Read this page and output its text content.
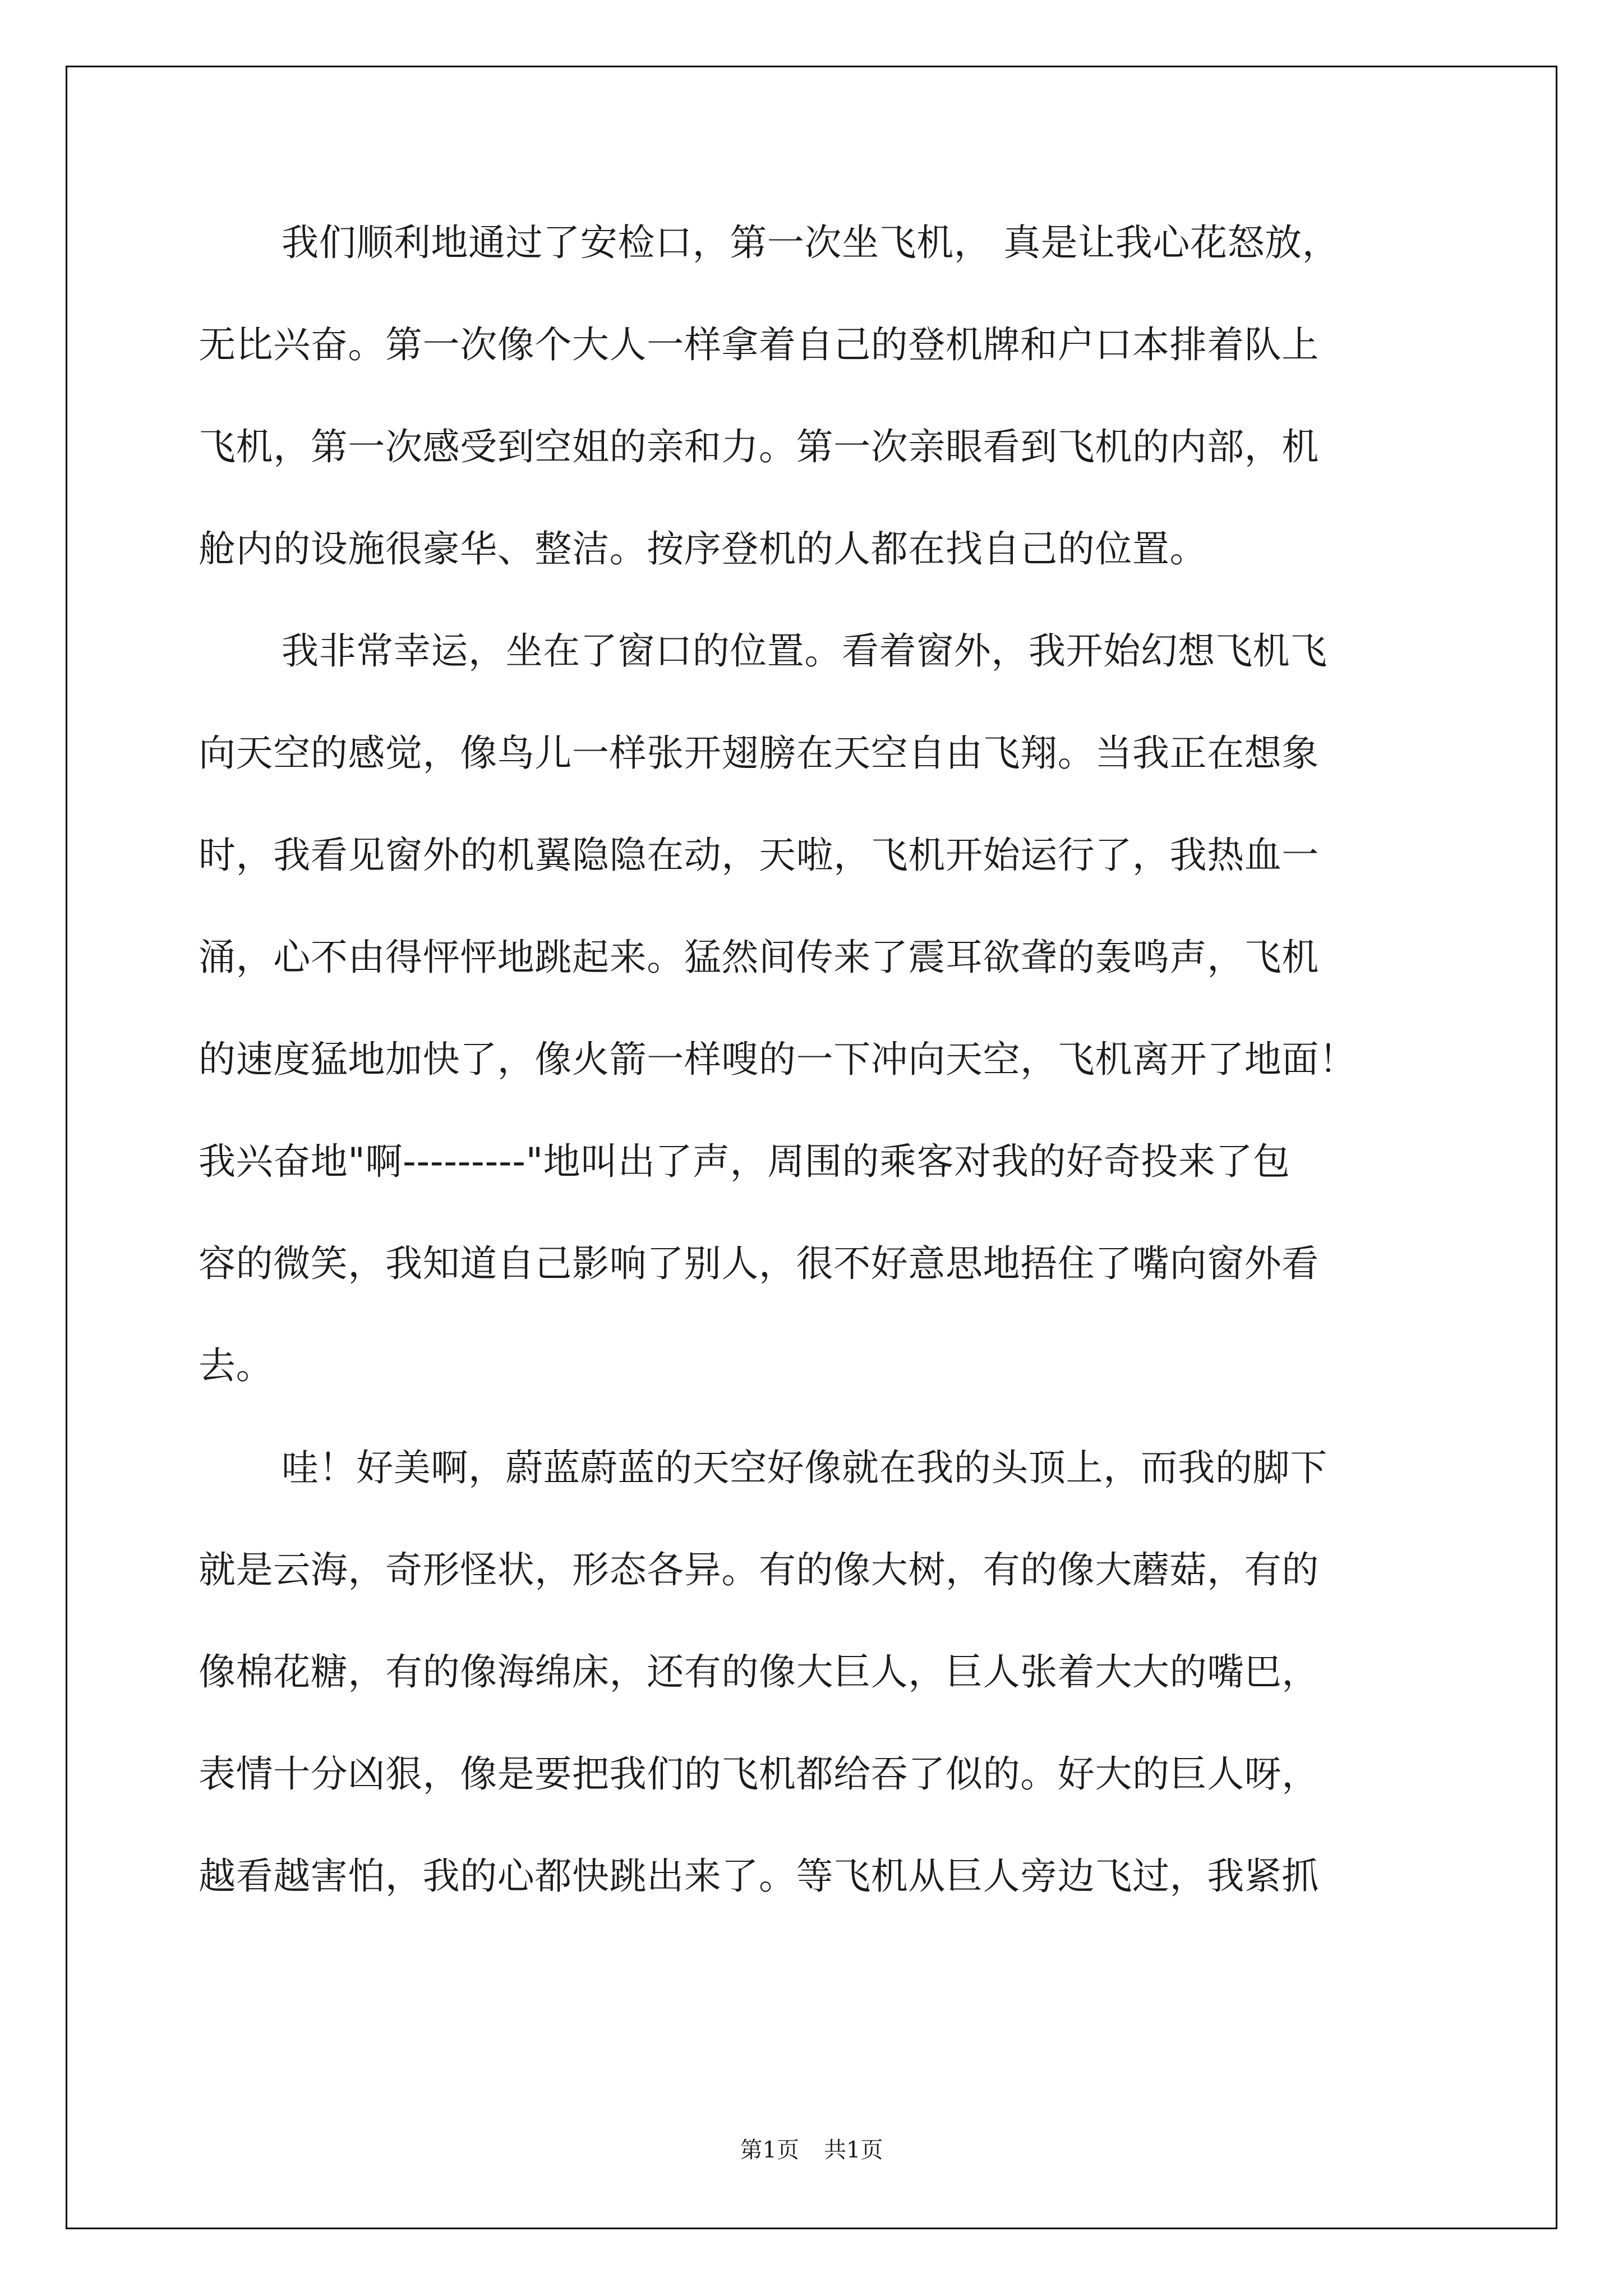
我们顺利地通过了安检口，第一次坐飞机， 真是让我心花怒放，
无比兴奋。第一次像个大人一样拿着自己的登机牌和户口本排着队上
飞机，第一次感受到空姐的亲和力。第一次亲眼看到飞机的内部，机
舱内的设施很豪华、整洁。按序登机的人都在找自己的位置。
我非常幸运，坐在了窗口的位置。看着窗外，我开始幻想飞机飞
向天空的感觉，像鸟儿一样张开翅膀在天空自由飞翔。当我正在想象
时，我看见窗外的机翼隐隐在动，天啦，飞机开始运行了，我热血一
涌，心不由得怦怦地跳起来。猛然间传来了震耳欲聋的轰鸣声，飞机
的速度猛地加快了，像火箭一样嗖的一下冲向天空，飞机离开了地面！
我兴奋地"啊---------"地叫出了声，周围的乘客对我的好奇投来了包
容的微笑，我知道自己影响了别人，很不好意思地捂住了嘴向窗外看
去。
哇！好美啊，蔚蓝蔚蓝的天空好像就在我的头顶上，而我的脚下
就是云海，奇形怪状，形态各异。有的像大树，有的像大蘑菇，有的
像棉花糖，有的像海绵床，还有的像大巨人，巨人张着大大的嘴巴，
表情十分凶狠，像是要把我们的飞机都给吞了似的。好大的巨人呀，
越看越害怕，我的心都快跳出来了。等飞机从巨人旁边飞过，我紧抓
第1页 共1页
